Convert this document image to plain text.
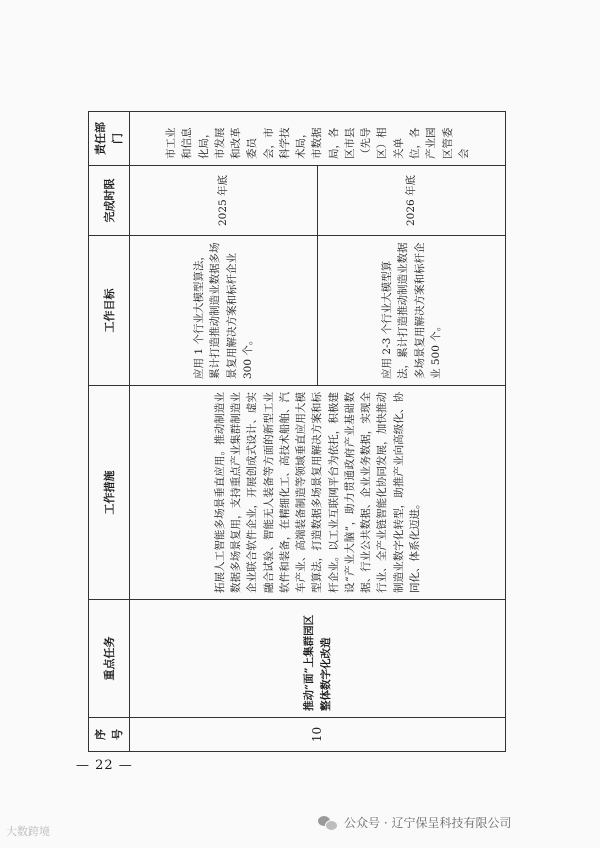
序号	重点任务	工作措施	工作目标	完成时限	责任部门
10	推动“面”上集群园区整体数字化改造	拓展人工智能多场景垂直应用。推动制造业数据多场景复用，支持重点产业集群制造业企业联合软件企业，开展创成式设计、虚实融合试验、智能无人装备等方面的新型工业软件和装备，在精细化工、高技术船舶、汽车产业、高端装备制造等领域垂直应用大模型算法，打造数据多场景复用解决方案和标杆企业。以工业互联网平台为依托，积极建设“产业大脑”，助力贯通政府产业基础数据、行业公共数据、企业业务数据，实现全行业、全产业链智能化协同发展，加快推动制造业数字化转型，助推产业向高级化、协同化、体系化迈进。	应用 1 个行业大模型算法，累计打造推动制造业数据多场景复用解决方案和标杆企业 300 个。	2025 年底	市工业和信息化局，市发展和改革委员会，市科学技术局，市数据局，各区市县（先导区）相关单位，各产业园区管委会
			应用 2-3 个行业大模型算法，累计打造推动制造业数据多场景复用解决方案和标杆企业 500 个。	2026 年底	
— 22 —
大数跨境
公众号 · 辽宁保呈科技有限公司
